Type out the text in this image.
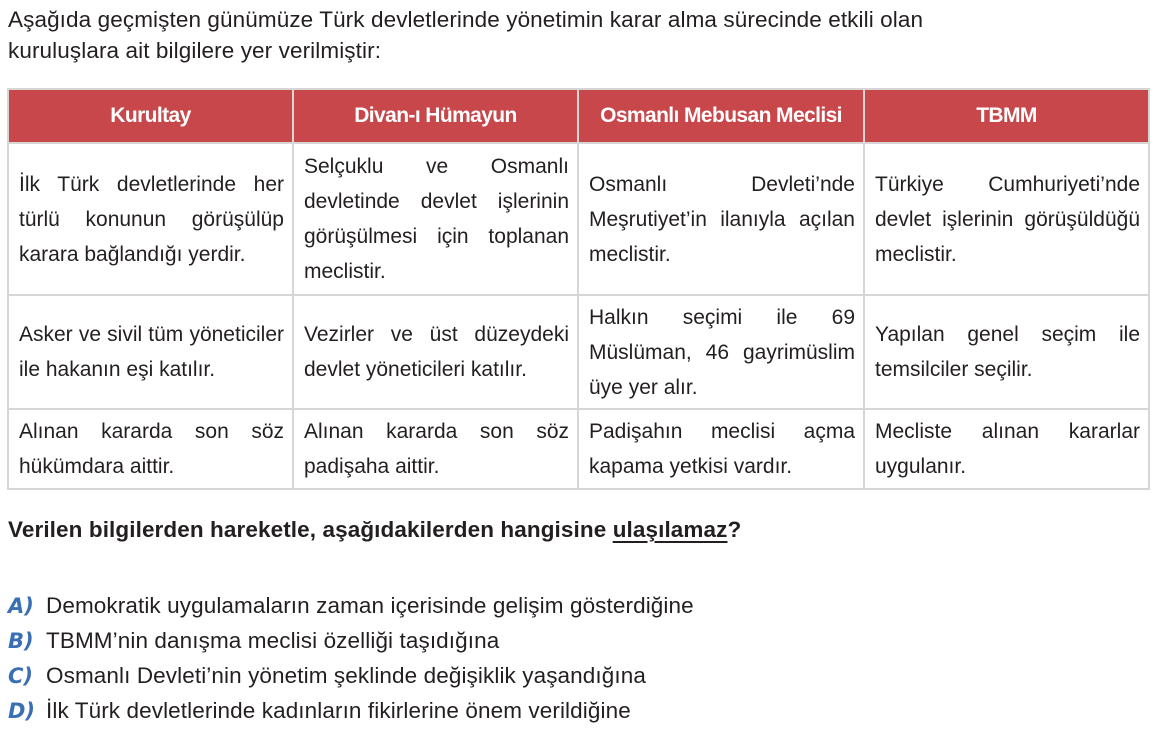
Aşağıda geçmişten günümüze Türk devletlerinde yönetimin karar alma sürecinde etkili olan
kuruluşlara ait bilgilere yer verilmiştir:
Kurultay	Divan-ı Hümayun	Osmanlı Mebusan Meclisi	TBMM
İlk Türk devletlerinde her türlü konunun görüşülüp karara bağlandığı yerdir.	Selçuklu ve Osmanlı devletinde devlet işlerinin görüşülmesi için toplanan meclistir.	Osmanlı Devleti’nde Meşrutiyet’in ilanıyla açılan meclistir.	Türkiye Cumhuriyeti’nde devlet işlerinin görüşüldüğü meclistir.
Asker ve sivil tüm yöneticiler ile hakanın eşi katılır.	Vezirler ve üst düzeydeki devlet yöneticileri katılır.	Halkın seçimi ile 69 Müslüman, 46 gayrimüslim üye yer alır.	Yapılan genel seçim ile temsilciler seçilir.
Alınan kararda son söz hükümdara aittir.	Alınan kararda son söz padişaha aittir.	Padişahın meclisi açma kapama yetkisi vardır.	Mecliste alınan kararlar uygulanır.
Verilen bilgilerden hareketle, aşağıdakilerden hangisine ulaşılamaz?
A) Demokratik uygulamaların zaman içerisinde gelişim gösterdiğine
B) TBMM’nin danışma meclisi özelliği taşıdığına
C) Osmanlı Devleti’nin yönetim şeklinde değişiklik yaşandığına
D) İlk Türk devletlerinde kadınların fikirlerine önem verildiğine
